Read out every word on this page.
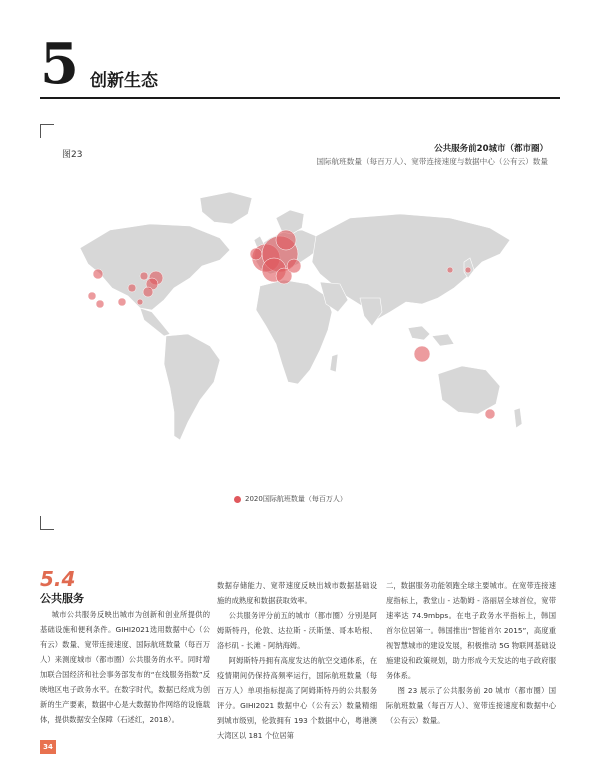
5 创新生态
图23
公共服务前20城市（都市圈）
国际航班数量（每百万人）、宽带连接速度与数据中心（公有云）数量
2020国际航班数量（每百万人）
5.4
公共服务

城市公共服务反映出城市为创新和创业所提供的基础设施和便利条件。GIHI2021选用数据中心（公有云）数量、宽带连接速度、国际航班数量（每百万人）来测度城市（都市圈）公共服务的水平。同时增加联合国经济和社会事务部发布的“在线服务指数”反映地区电子政务水平。在数字时代，数据已经成为创新的生产要素，数据中心是大数据协作网络的设施载体，提供数据安全保障（石述红，2018）。

数据存储能力、宽带速度反映出城市数据基础设施的成熟度和数据获取效率。

公共服务评分前五的城市（都市圈）分别是阿姆斯特丹，伦敦、达拉斯 - 沃斯堡、哥本哈根、洛杉矶 - 长滩 - 阿纳海姆。

阿姆斯特丹拥有高度发达的航空交通体系，在疫情期间仍保持高频率运行，国际航班数量（每百万人）单项指标提高了阿姆斯特丹的公共服务评分。GIHI2021 数据中心（公有云）数量精细到城市级别，伦敦拥有 193 个数据中心，粤港澳大湾区以 181 个位居第

二，数据服务功能领跑全球主要城市。在宽带连接速度指标上，教堂山 - 达勒姆 - 洛丽居全球首位，宽带速率达 74.9mbps。在电子政务水平指标上，韩国首尔位居第一。韩国推出“智能首尔 2015”，高度重视智慧城市的建设发展，积极推动 5G 物联网基础设施建设和政策规划，助力形成今天发达的电子政府服务体系。

图 23 展示了公共服务前 20 城市（都市圈）国际航班数量（每百万人）、宽带连接速度和数据中心（公有云）数量。

34
